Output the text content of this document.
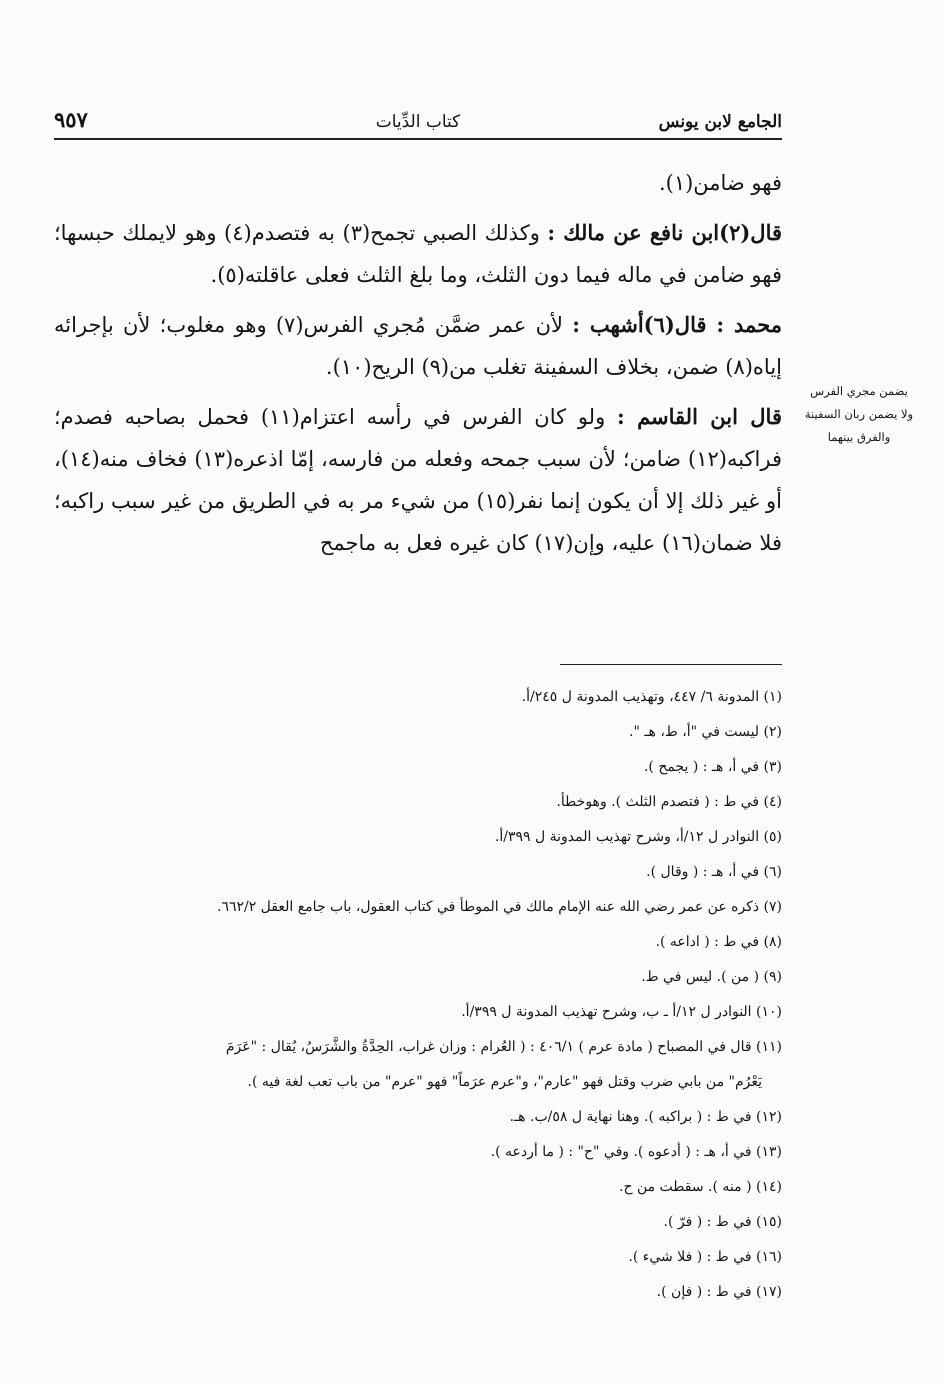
الجامع لابن يونس
كتاب الدِّيات
٩٥٧
يضمن مجري الفرس
ولا يضمن ربان السفينة
والفرق بينهما

فهو ضامن(١).

قال(٢)ابن نافع عن مالك : وكذلك الصبي تجمح(٣) به فتصدم(٤) وهو لايملك حبسها؛ فهو ضامن في ماله فيما دون الثلث، وما بلغ الثلث فعلى عاقلته(٥).

محمد : قال(٦)أشهب : لأن عمر ضمَّن مُجري الفرس(٧) وهو مغلوب؛ لأن بإجرائه إياه(٨) ضمن، بخلاف السفينة تغلب من(٩) الريح(١٠).

قال ابن القاسم : ولو كان الفرس في رأسه اعتزام(١١) فحمل بصاحبه فصدم؛ فراكبه(١٢) ضامن؛ لأن سبب جمحه وفعله من فارسه، إمّا اذعره(١٣) فخاف منه(١٤)، أو غير ذلك إلا أن يكون إنما نفر(١٥) من شيء مر به في الطريق من غير سبب راكبه؛ فلا ضمان(١٦) عليه، وإن(١٧) كان غيره فعل به ماجمح

(١) المدونة ٦/ ٤٤٧، وتهذيب المدونة ل ٢٤٥/أ.

(٢) ليست في "أ، ط، هـ ".

(٣) في أ، هـ : ( يجمح ).

(٤) في ط : ( فتصدم الثلث ). وهوخطأ.

(٥) النوادر ل ١٢/أ، وشرح تهذيب المدونة ل ٣٩٩/أ.

(٦) في أ، هـ : ( وقال ).

(٧) ذكره عن عمر رضي الله عنه الإمام مالك في الموطأ في كتاب العقول، باب جامع العقل ٦٦٢/٢.

(٨) في ط : ( اداعه ).

(٩) ( من ). ليس في ط.

(١٠) النوادر ل ١٢/أ ـ ب، وشرح تهذيب المدونة ل ٣٩٩/أ.

(١١) قال في المصباح ( مادة عرم ) ٤٠٦/١ : ( العُرام : وزان غراب، الحِدَّةُ والشَّرَسُ، يُقال : "عَرَمَ

يَعْرُم" من بابي ضرب وقتل فهو "عارم"، و"عرم عرَماً" فهو "عرم" من باب تعب لغة فيه ).

(١٢) في ط : ( براكبه ). وهنا نهاية ل ٥٨/ب. هـ.

(١٣) في أ، هـ : ( أدعوه ). وفي "ح" : ( ما أردعه ).

(١٤) ( منه ). سقطت من ح.

(١٥) في ط : ( فرّ ).

(١٦) في ط : ( فلا شيء ).

(١٧) في ط : ( فإن ).
